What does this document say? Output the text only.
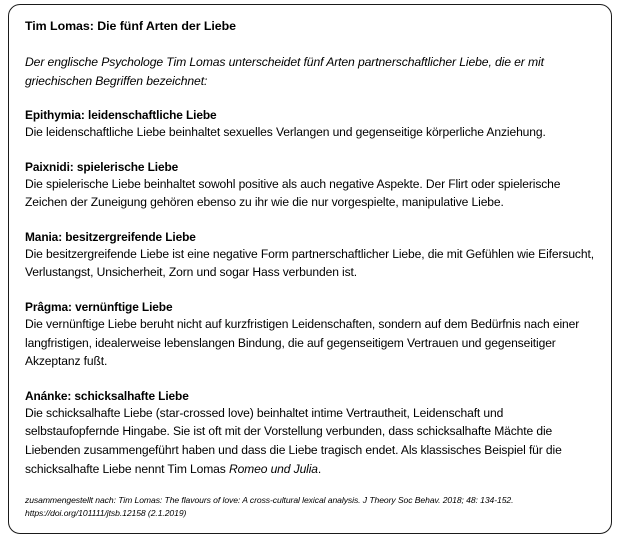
Tim Lomas: Die fünf Arten der Liebe

Der englische Psychologe Tim Lomas unterscheidet fünf Arten partnerschaftlicher Liebe, die er mit griechischen Begriffen bezeichnet:

Epithymia: leidenschaftliche Liebe
Die leidenschaftliche Liebe beinhaltet sexuelles Verlangen und gegenseitige körperliche Anziehung.
Paixnidi: spielerische Liebe
Die spielerische Liebe beinhaltet sowohl positive als auch negative Aspekte. Der Flirt oder spielerische Zeichen der Zuneigung gehören ebenso zu ihr wie die nur vorgespielte, manipulative Liebe.
Mania: besitzergreifende Liebe
Die besitzergreifende Liebe ist eine negative Form partnerschaftlicher Liebe, die mit Gefühlen wie Eifersucht, Verlustangst, Unsicherheit, Zorn und sogar Hass verbunden ist.
Prâgma: vernünftige Liebe
Die vernünftige Liebe beruht nicht auf kurzfristigen Leidenschaften, sondern auf dem Bedürfnis nach einer langfristigen, idealerweise lebenslangen Bindung, die auf gegenseitigem Vertrauen und gegenseitiger Akzeptanz fußt.
Anánke: schicksalhafte Liebe
Die schicksalhafte Liebe (star-crossed love) beinhaltet intime Vertrautheit, Leidenschaft und selbstaufopfernde Hingabe. Sie ist oft mit der Vorstellung verbunden, dass schicksalhafte Mächte die Liebenden zusammengeführt haben und dass die Liebe tragisch endet. Als klassisches Beispiel für die schicksalhafte Liebe nennt Tim Lomas Romeo und Julia.
zusammengestellt nach: Tim Lomas: The flavours of love: A cross-cultural lexical analysis. J Theory Soc Behav. 2018; 48: 134-152. https://doi.org/101111/jtsb.12158 (2.1.2019)
